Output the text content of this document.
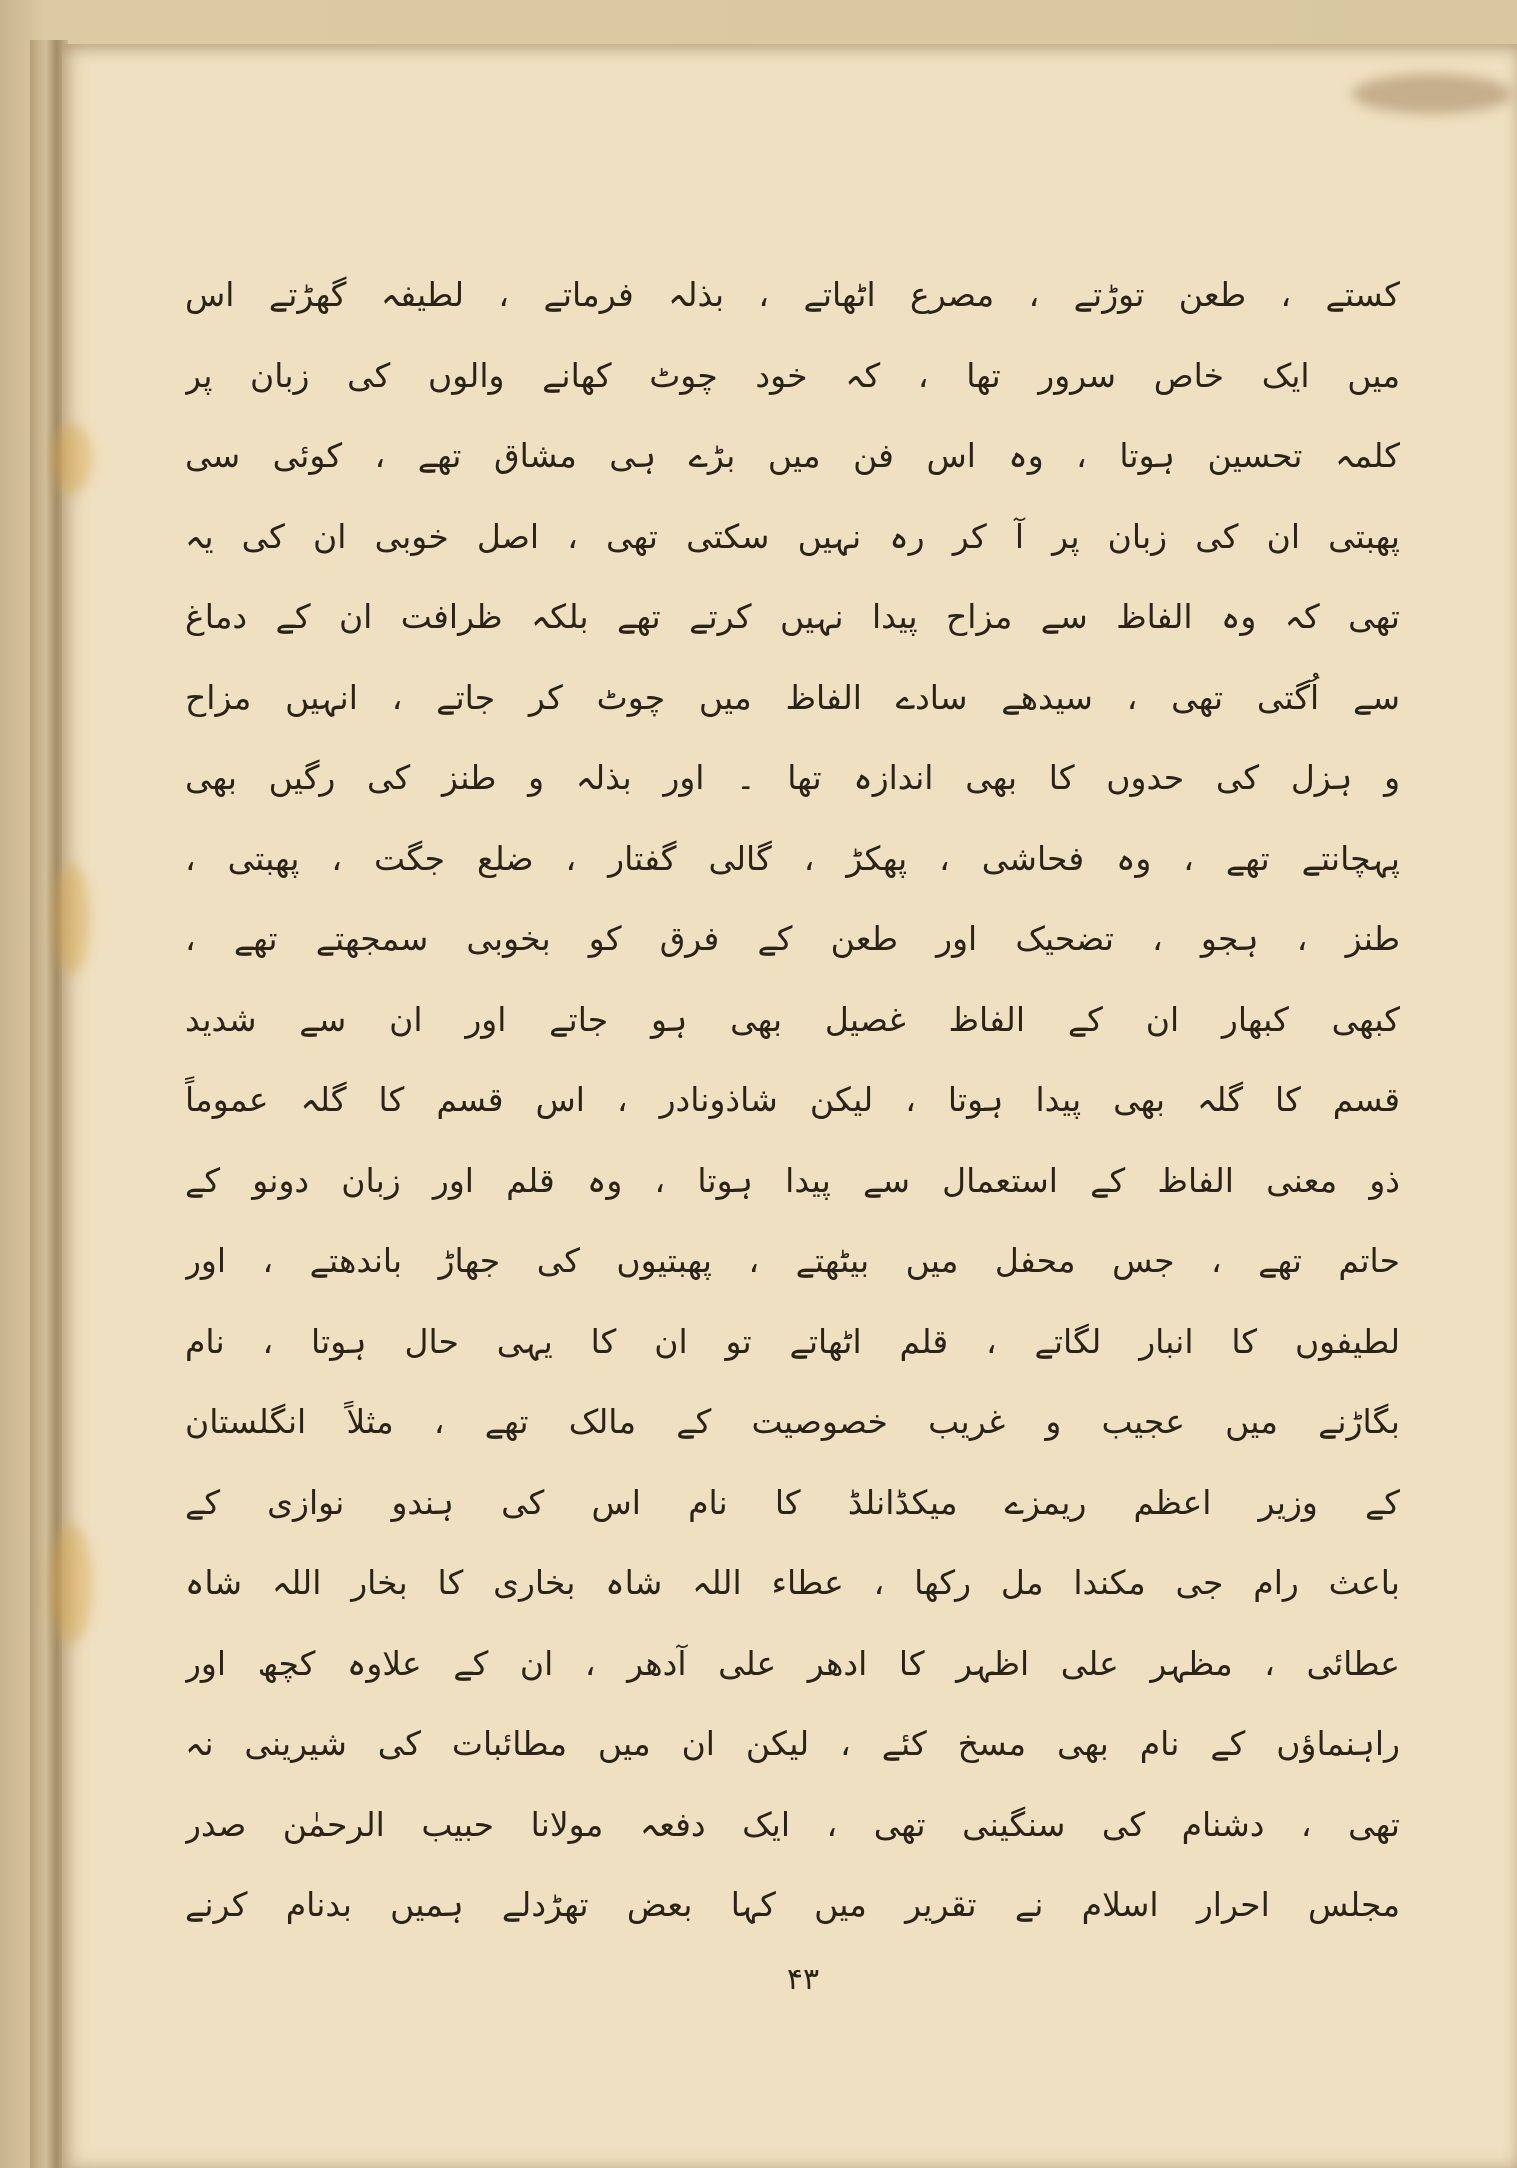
کستے ، طعن توڑتے ، مصرع اٹھاتے ، بذلہ فرماتے ، لطیفہ گھڑتے اس
میں ایک خاص سرور تھا ، کہ خود چوٹ کھانے والوں کی زبان پر
کلمہ تحسین ہوتا ، وہ اس فن میں بڑے ہی مشاق تھے ، کوئی سی
پھبتی ان کی زبان پر آ کر رہ نہیں سکتی تھی ، اصل خوبی ان کی یہ
تھی کہ وہ الفاظ سے مزاح پیدا نہیں کرتے تھے بلکہ ظرافت ان کے دماغ
سے اُگتی تھی ، سیدھے سادے الفاظ میں چوٹ کر جاتے ، انہیں مزاح
و ہزل کی حدوں کا بھی اندازہ تھا ۔ اور بذلہ و طنز کی رگیں بھی
پہچانتے تھے ، وہ فحاشی ، پھکڑ ، گالی گفتار ، ضلع جگت ، پھبتی ،
طنز ، ہجو ، تضحیک اور طعن کے فرق کو بخوبی سمجھتے تھے ،
کبھی کبھار ان کے الفاظ غصیل بھی ہو جاتے اور ان سے شدید
قسم کا گلہ بھی پیدا ہوتا ، لیکن شاذونادر ، اس قسم کا گلہ عموماً
ذو معنی الفاظ کے استعمال سے پیدا ہوتا ، وہ قلم اور زبان دونو کے
حاتم تھے ، جس محفل میں بیٹھتے ، پھبتیوں کی جھاڑ باندھتے ، اور
لطیفوں کا انبار لگاتے ، قلم اٹھاتے تو ان کا یہی حال ہوتا ، نام
بگاڑنے میں عجیب و غریب خصوصیت کے مالک تھے ، مثلاً انگلستان
کے وزیر اعظم ریمزے میکڈانلڈ کا نام اس کی ہندو نوازی کے
باعث رام جی مکندا مل رکھا ، عطاء اللہ شاہ بخاری کا بخار اللہ شاہ
عطائی ، مظہر علی اظہر کا ادھر علی آدھر ، ان کے علاوہ کچھ اور
راہنماؤں کے نام بھی مسخ کئے ، لیکن ان میں مطائبات کی شیرینی نہ
تھی ، دشنام کی سنگینی تھی ، ایک دفعہ مولانا حبیب الرحمٰن صدر
مجلس احرار اسلام نے تقریر میں کہا بعض تھڑدلے ہمیں بدنام کرنے
۴۳
